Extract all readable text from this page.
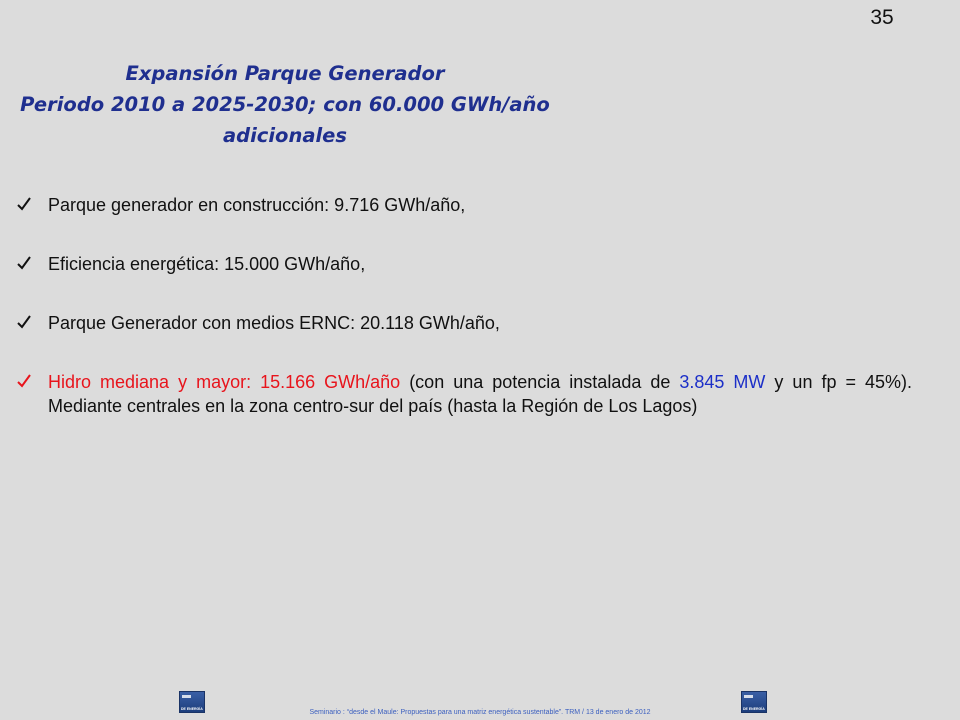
35
Expansión Parque Generador
Periodo 2010 a 2025-2030; con 60.000 GWh/año
adicionales
Parque generador en construcción: 9.716 GWh/año,
Eficiencia energética: 15.000 GWh/año,
Parque Generador con medios ERNC: 20.118 GWh/año,
Hidro mediana y mayor: 15.166 GWh/año (con una potencia instalada de 3.845 MW y un fp = 45%). Mediante centrales en la zona centro-sur del país (hasta la Región de Los Lagos)
DE ENERGÍA	DE ENERGÍA
Seminario : “desde el Maule: Propuestas para una matriz energética sustentable”. TRM / 13 de enero de 2012
